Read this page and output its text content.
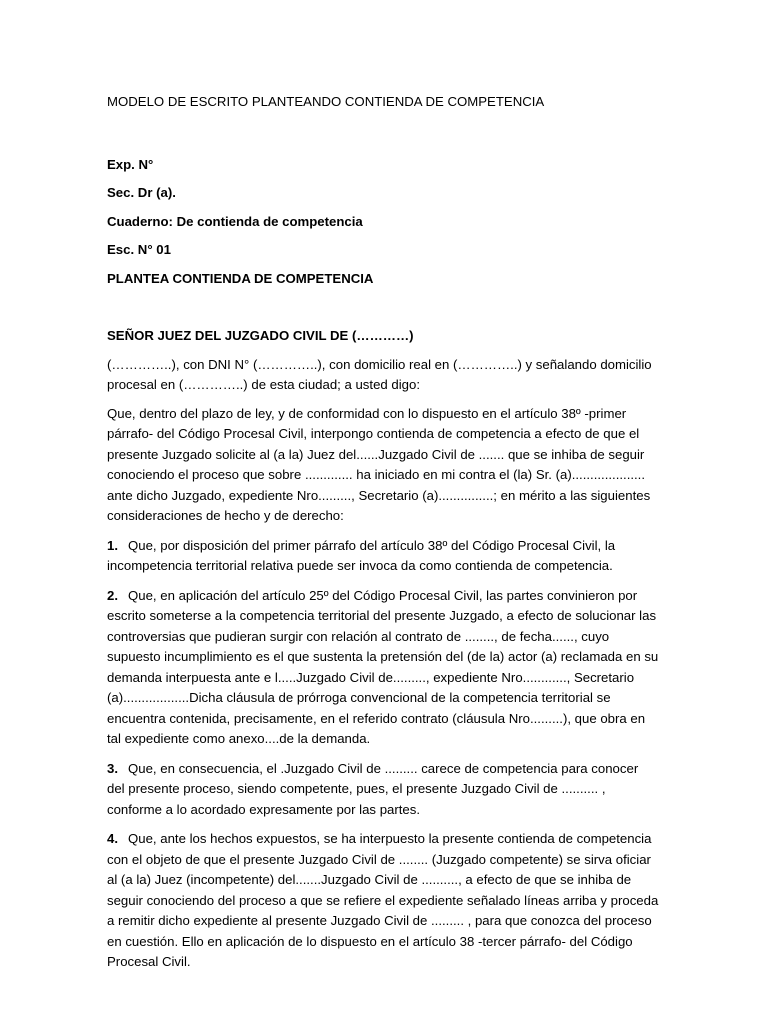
MODELO DE ESCRITO PLANTEANDO CONTIENDA DE COMPETENCIA
Exp. N°
Sec. Dr (a).
Cuaderno: De contienda de competencia
Esc. N° 01
PLANTEA CONTIENDA DE COMPETENCIA
SEÑOR JUEZ DEL JUZGADO CIVIL DE (…………)

(…………..), con DNI N° (…………..), con domicilio real en (…………..) y señalando domicilio procesal en (…………..) de esta ciudad; a usted digo:

Que, dentro del plazo de ley, y de conformidad con lo dispuesto en el artículo 38º -primer párrafo- del Código Procesal Civil, interpongo contienda de competencia a efecto de que el presente Juzgado solicite al (a la) Juez del......Juzgado Civil de ....... que se inhiba de seguir conociendo el proceso que sobre ............. ha iniciado en mi contra el (la) Sr. (a).................... ante dicho Juzgado, expediente Nro........., Secretario (a)...............; en mérito a las siguientes consideraciones de hecho y de derecho:

1. Que, por disposición del primer párrafo del artículo 38º del Código Procesal Civil, la incompetencia territorial relativa puede ser invoca da como contienda de competencia.

2. Que, en aplicación del artículo 25º del Código Procesal Civil, las partes convinieron por escrito someterse a la competencia territorial del presente Juzgado, a efecto de solucionar las controversias que pudieran surgir con relación al contrato de ........, de fecha......, cuyo supuesto incumplimiento es el que sustenta la pretensión del (de la) actor (a) reclamada en su demanda interpuesta ante e l.....Juzgado Civil de........., expediente Nro............, Secretario (a)..................Dicha cláusula de prórroga convencional de la competencia territorial se encuentra contenida, precisamente, en el referido contrato (cláusula Nro.........), que obra en tal expediente como anexo....de la demanda.

3. Que, en consecuencia, el .Juzgado Civil de ......... carece de competencia para conocer del presente proceso, siendo competente, pues, el presente Juzgado Civil de .......... , conforme a lo acordado expresamente por las partes.

4. Que, ante los hechos expuestos, se ha interpuesto la presente contienda de competencia con el objeto de que el presente Juzgado Civil de ........ (Juzgado competente) se sirva oficiar al (a la) Juez (incompetente) del.......Juzgado Civil de .........., a efecto de que se inhiba de seguir conociendo del proceso a que se refiere el expediente señalado líneas arriba y proceda a remitir dicho expediente al presente Juzgado Civil de ......... , para que conozca del proceso en cuestión. Ello en aplicación de lo dispuesto en el artículo 38 -tercer párrafo- del Código Procesal Civil.
